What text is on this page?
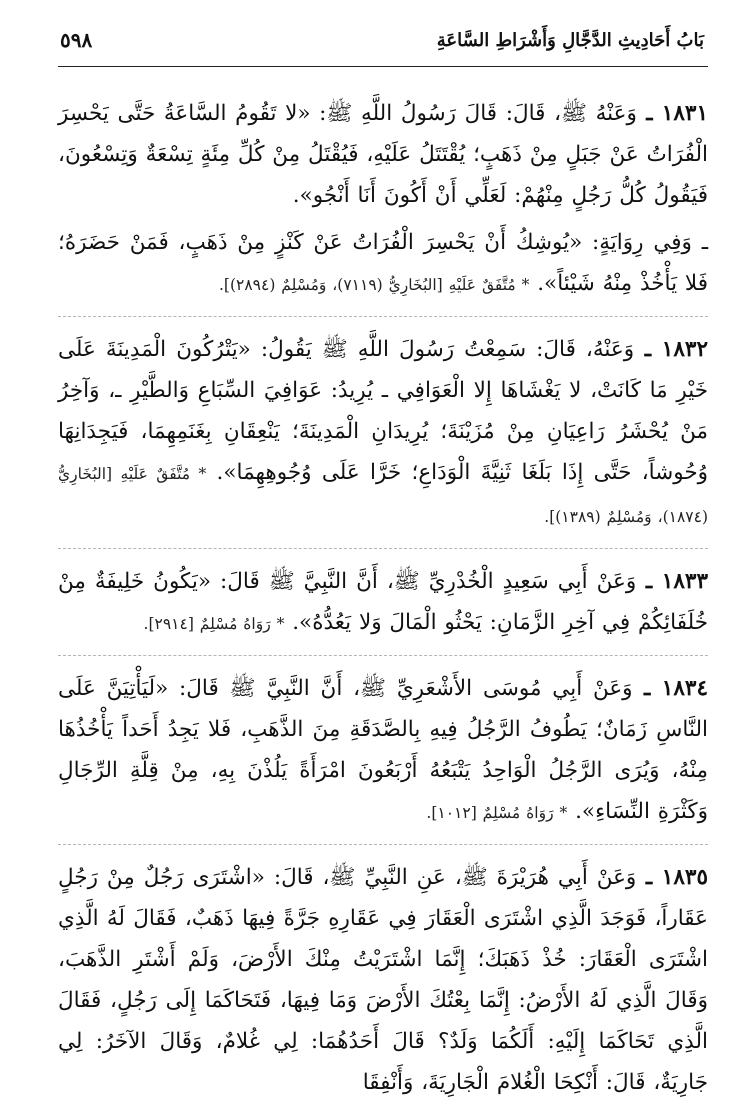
بَابُ أَحَادِيثِ الدَّجَّالِ وَأَشْرَاطِ السَّاعَةِ
٥٩٨

١٨٣١ ـ وَعَنْهُ ﷺ، قَالَ: قَالَ رَسُولُ اللَّهِ ﷺ: «لا تَقُومُ السَّاعَةُ حَتَّى يَحْسِرَ الْفُرَاتُ عَنْ جَبَلٍ مِنْ ذَهَبٍ؛ يُقْتَتَلُ عَلَيْهِ، فَيُقْتَلُ مِنْ كُلِّ مِئَةٍ تِسْعَةٌ وَتِسْعُونَ، فَيَقُولُ كُلُّ رَجُلٍ مِنْهُمْ: لَعَلِّي أَنْ أَكُونَ أَنَا أَنْجُو».

ـ وَفِي رِوَايَةٍ: «يُوشِكُ أَنْ يَحْسِرَ الْفُرَاتُ عَنْ كَنْزٍ مِنْ ذَهَبٍ، فَمَنْ حَضَرَهُ؛ فَلا يَأْخُذْ مِنْهُ شَيْئاً». * مُتَّفَقٌ عَلَيْهِ [البُخَارِيُّ (٧١١٩)، وَمُسْلِمٌ (٢٨٩٤)].

١٨٣٢ ـ وَعَنْهُ، قَالَ: سَمِعْتُ رَسُولَ اللَّهِ ﷺ يَقُولُ: «يَتْرُكُونَ الْمَدِينَةَ عَلَى خَيْرِ مَا كَانَتْ، لا يَغْشَاهَا إِلا الْعَوَافِي ـ يُرِيدُ: عَوَافِيَ السِّبَاعِ وَالطَّيْرِ ـ، وَآخِرُ مَنْ يُحْشَرُ رَاعِيَانِ مِنْ مُزَيْنَةَ؛ يُرِيدَانِ الْمَدِينَةَ؛ يَنْعِقَانِ بِغَنَمِهِمَا، فَيَجِدَانِهَا وُحُوشاً، حَتَّى إِذَا بَلَغَا ثَنِيَّةَ الْوَدَاعِ؛ خَرَّا عَلَى وُجُوهِهِمَا». * مُتَّفَقٌ عَلَيْهِ [البُخَارِيُّ (١٨٧٤)، وَمُسْلِمٌ (١٣٨٩)].

١٨٣٣ ـ وَعَنْ أَبِي سَعِيدٍ الْخُدْرِيِّ ﷺ، أَنَّ النَّبِيَّ ﷺ قَالَ: «يَكُونُ خَلِيفَةٌ مِنْ خُلَفَائِكُمْ فِي آخِرِ الزَّمَانِ: يَحْثُو الْمَالَ وَلا يَعُدُّهُ». * رَوَاهُ مُسْلِمٌ [٢٩١٤].

١٨٣٤ ـ وَعَنْ أَبِي مُوسَى الأَشْعَرِيِّ ﷺ، أَنَّ النَّبِيَّ ﷺ قَالَ: «لَيَأْتِيَنَّ عَلَى النَّاسِ زَمَانٌ؛ يَطُوفُ الرَّجُلُ فِيهِ بِالصَّدَقَةِ مِنَ الذَّهَبِ، فَلا يَجِدُ أَحَداً يَأْخُذُهَا مِنْهُ، وَيُرَى الرَّجُلُ الْوَاحِدُ يَتْبَعُهُ أَرْبَعُونَ امْرَأَةً يَلُذْنَ بِهِ، مِنْ قِلَّةِ الرِّجَالِ وَكَثْرَةِ النِّسَاءِ». * رَوَاهُ مُسْلِمٌ [١٠١٢].

١٨٣٥ ـ وَعَنْ أَبِي هُرَيْرَةَ ﷺ، عَنِ النَّبِيِّ ﷺ، قَالَ: «اشْتَرَى رَجُلٌ مِنْ رَجُلٍ عَقَاراً، فَوَجَدَ الَّذِي اشْتَرَى الْعَقَارَ فِي عَقَارِهِ جَرَّةً فِيهَا ذَهَبٌ، فَقَالَ لَهُ الَّذِي اشْتَرَى الْعَقَارَ: خُذْ ذَهَبَكَ؛ إِنَّمَا اشْتَرَيْتُ مِنْكَ الأَرْضَ، وَلَمْ أَشْتَرِ الذَّهَبَ، وَقَالَ الَّذِي لَهُ الأَرْضُ: إِنَّمَا بِعْتُكَ الأَرْضَ وَمَا فِيهَا، فَتَحَاكَمَا إِلَى رَجُلٍ، فَقَالَ الَّذِي تَحَاكَمَا إِلَيْهِ: أَلَكُمَا وَلَدٌ؟ قَالَ أَحَدُهُمَا: لِي غُلامٌ، وَقَالَ الآخَرُ: لِي جَارِيَةٌ، قَالَ: أَنْكِحَا الْغُلامَ الْجَارِيَةَ، وَأَنْفِقَا
